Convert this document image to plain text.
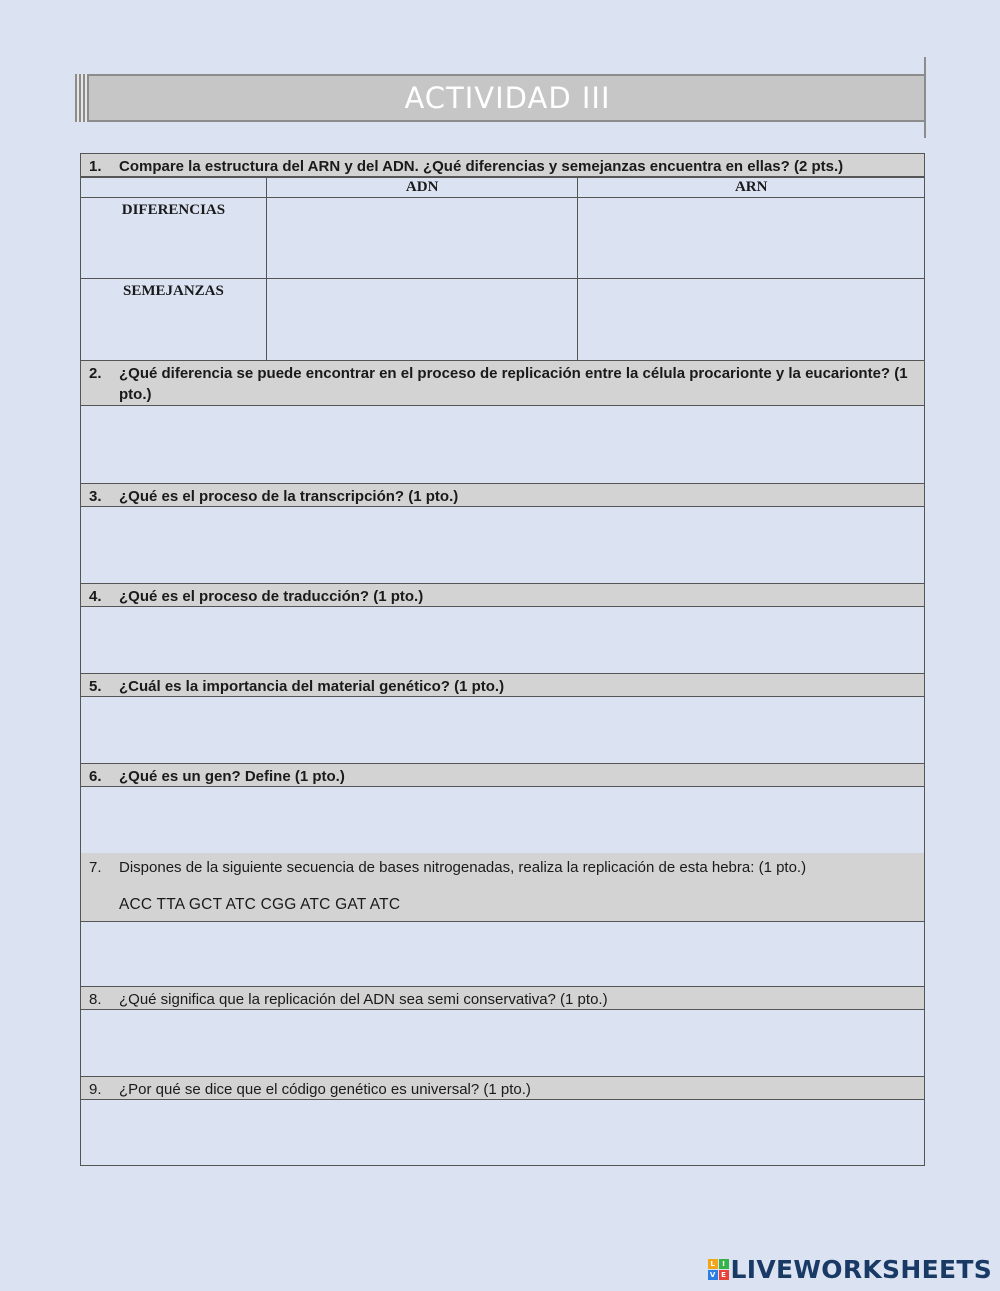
ACTIVIDAD III
1.	Compare la estructura del ARN y del ADN. ¿Qué diferencias y semejanzas encuentra en ellas? (2 pts.)
	ADN	ARN
DIFERENCIAS		
SEMEJANZAS		
2.	¿Qué diferencia se puede encontrar en el proceso de replicación entre la célula procarionte y la eucarionte? (1 pto.)
3.	¿Qué es el proceso de la transcripción? (1 pto.)
4.	¿Qué es el proceso de traducción? (1 pto.)
5.	¿Cuál es la importancia del material genético? (1 pto.)
6.	¿Qué es un gen? Define (1 pto.)
7.	Dispones de la siguiente secuencia de bases nitrogenadas, realiza la replicación de esta hebra: (1 pto.)
ACC TTA GCT ATC CGG ATC GAT ATC
8.	¿Qué significa que la replicación del ADN sea semi conservativa? (1 pto.)
9.	¿Por qué se dice que el código genético es universal? (1 pto.)
L	I
V E LIVEWORKSHEETS
